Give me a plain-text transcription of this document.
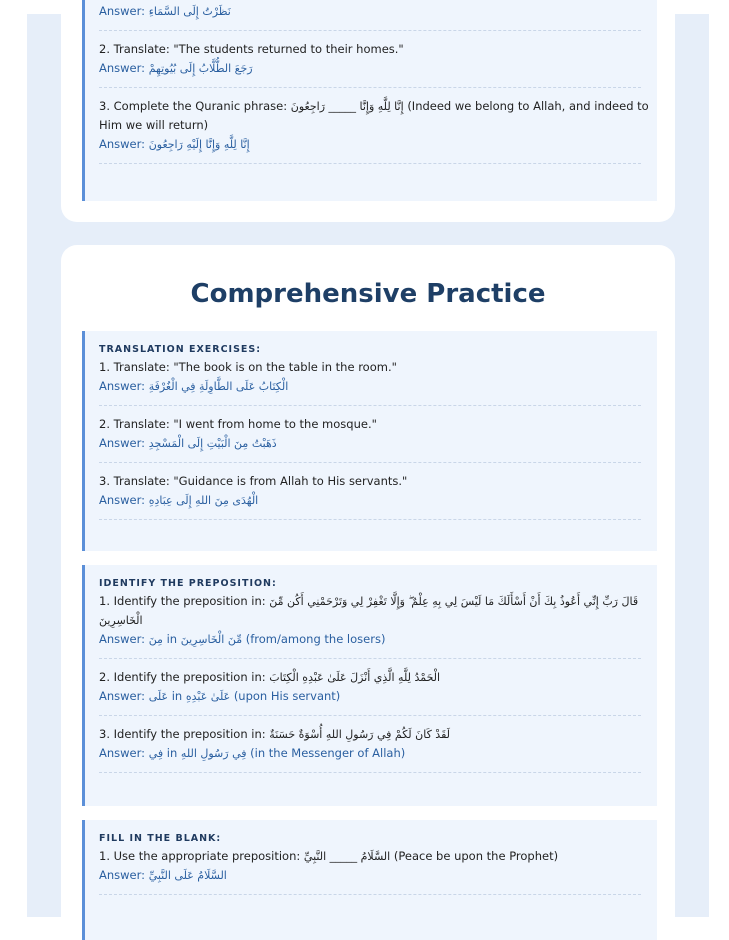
Answer: نَظَرْتُ إِلَى السَّمَاءِ
2. Translate: "The students returned to their homes."
Answer: رَجَعَ الطُّلَّابُ إِلَى بُيُوتِهِمْ
3. Complete the Quranic phrase: إِنَّا لِلَّهِ وَإِنَّا _____ رَاجِعُونَ (Indeed we belong to Allah, and indeed to Him we will return)
Answer: إِنَّا لِلَّهِ وَإِنَّا إِلَيْهِ رَاجِعُونَ
Comprehensive Practice
TRANSLATION EXERCISES:
1. Translate: "The book is on the table in the room."
Answer: الْكِتَابُ عَلَى الطَّاوِلَةِ فِي الْغُرْفَةِ
2. Translate: "I went from home to the mosque."
Answer: ذَهَبْتُ مِنَ الْبَيْتِ إِلَى الْمَسْجِدِ
3. Translate: "Guidance is from Allah to His servants."
Answer: الْهُدَى مِنَ اللهِ إِلَى عِبَادِهِ
IDENTIFY THE PREPOSITION:
1. Identify the preposition in: قَالَ رَبِّ إِنِّي أَعُوذُ بِكَ أَنْ أَسْأَلَكَ مَا لَيْسَ لِي بِهِ عِلْمٌ ۖ وَإِلَّا تَغْفِرْ لِي وَتَرْحَمْنِي أَكُن مِّنَ الْخَاسِرِينَ
Answer: مِنَ in مِّنَ الْخَاسِرِينَ (from/among the losers)
2. Identify the preposition in: الْحَمْدُ لِلَّهِ الَّذِي أَنْزَلَ عَلَىٰ عَبْدِهِ الْكِتَابَ
Answer: عَلَى in عَلَىٰ عَبْدِهِ (upon His servant)
3. Identify the preposition in: لَقَدْ كَانَ لَكُمْ فِي رَسُولِ اللهِ أُسْوَةٌ حَسَنَةٌ
Answer: فِي in فِي رَسُولِ اللهِ (in the Messenger of Allah)
FILL IN THE BLANK:
1. Use the appropriate preposition: السَّلَامُ _____ النَّبِيِّ (Peace be upon the Prophet)
Answer: السَّلَامُ عَلَى النَّبِيِّ
